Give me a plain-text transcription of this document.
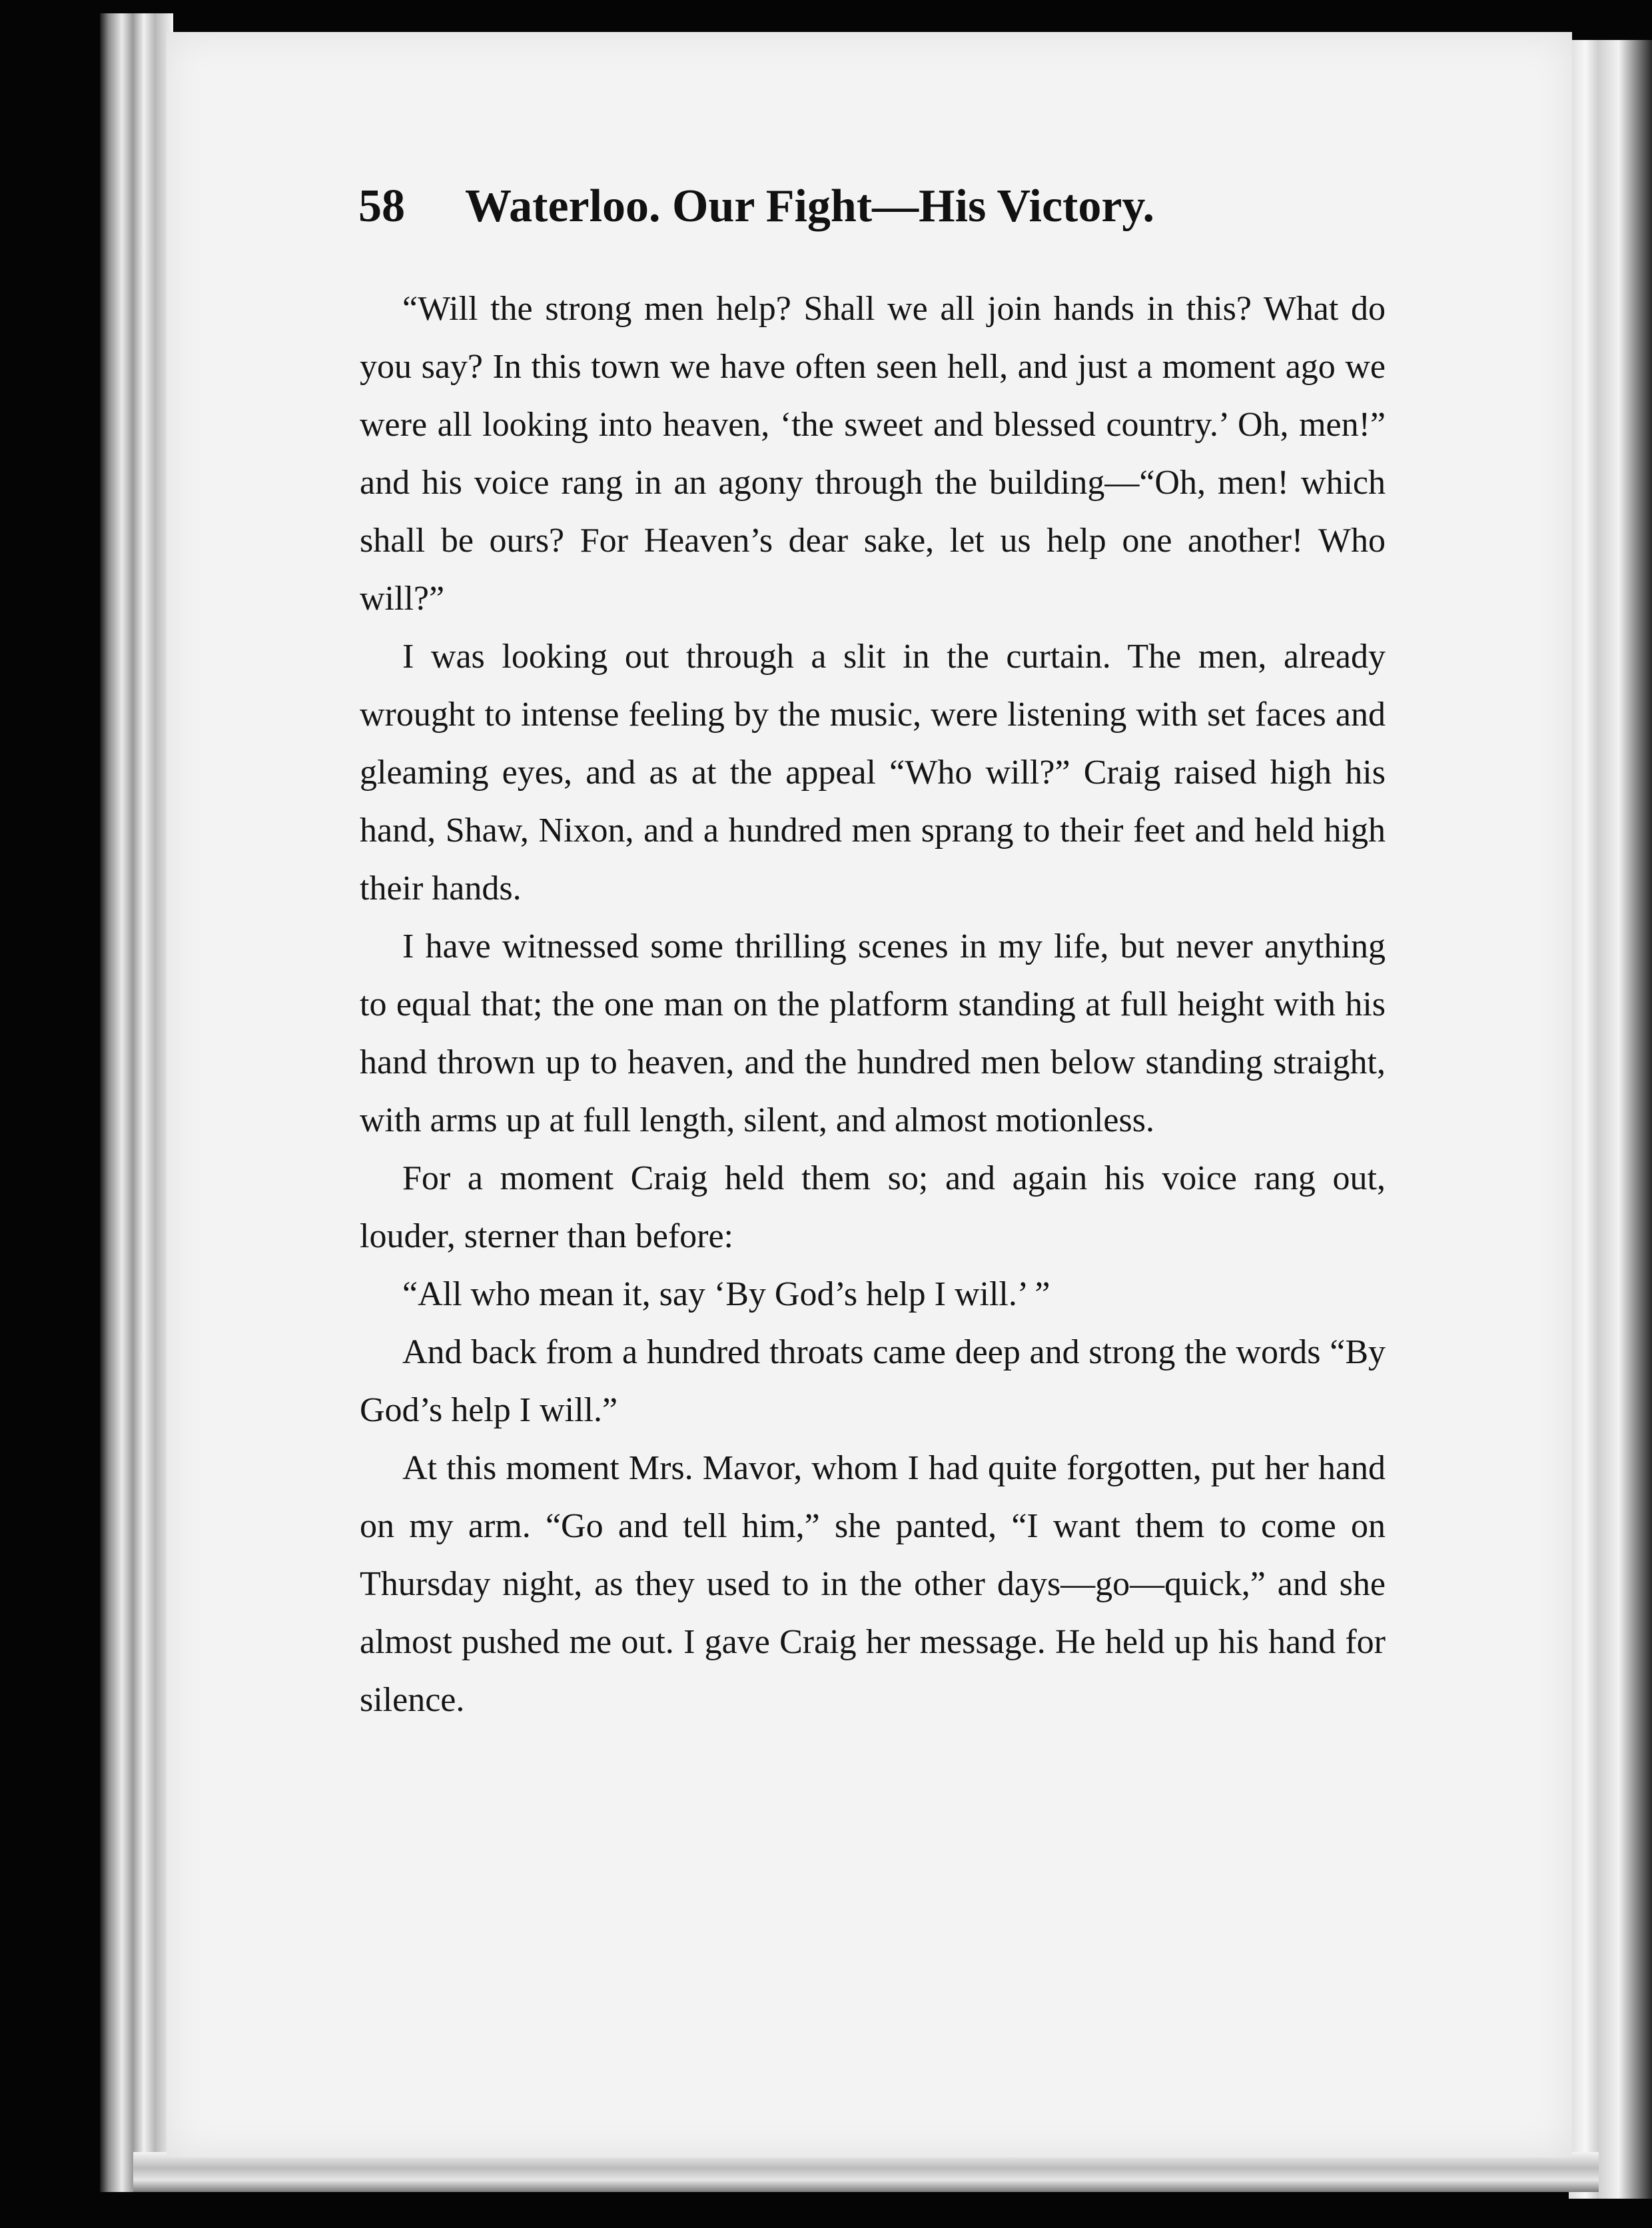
58 Waterloo. Our Fight—His Victory.

“Will the strong men help? Shall we all join hands in this? What do you say? In this town we have often seen hell, and just a moment ago we were all looking into heaven, ‘the sweet and blessed country.’ Oh, men!” and his voice rang in an agony through the building—“Oh, men! which shall be ours? For Heaven’s dear sake, let us help one another! Who will?”

I was looking out through a slit in the curtain. The men, already wrought to intense feeling by the music, were listening with set faces and gleaming eyes, and as at the appeal “Who will?” Craig raised high his hand, Shaw, Nixon, and a hundred men sprang to their feet and held high their hands.

I have witnessed some thrilling scenes in my life, but never anything to equal that; the one man on the platform standing at full height with his hand thrown up to heaven, and the hundred men below standing straight, with arms up at full length, silent, and almost motionless.

For a moment Craig held them so; and again his voice rang out, louder, sterner than before:

“All who mean it, say ‘By God’s help I will.’ ”

And back from a hundred throats came deep and strong the words “By God’s help I will.”

At this moment Mrs. Mavor, whom I had quite forgotten, put her hand on my arm. “Go and tell him,” she panted, “I want them to come on Thursday night, as they used to in the other days—go—quick,” and she almost pushed me out. I gave Craig her message. He held up his hand for silence.
